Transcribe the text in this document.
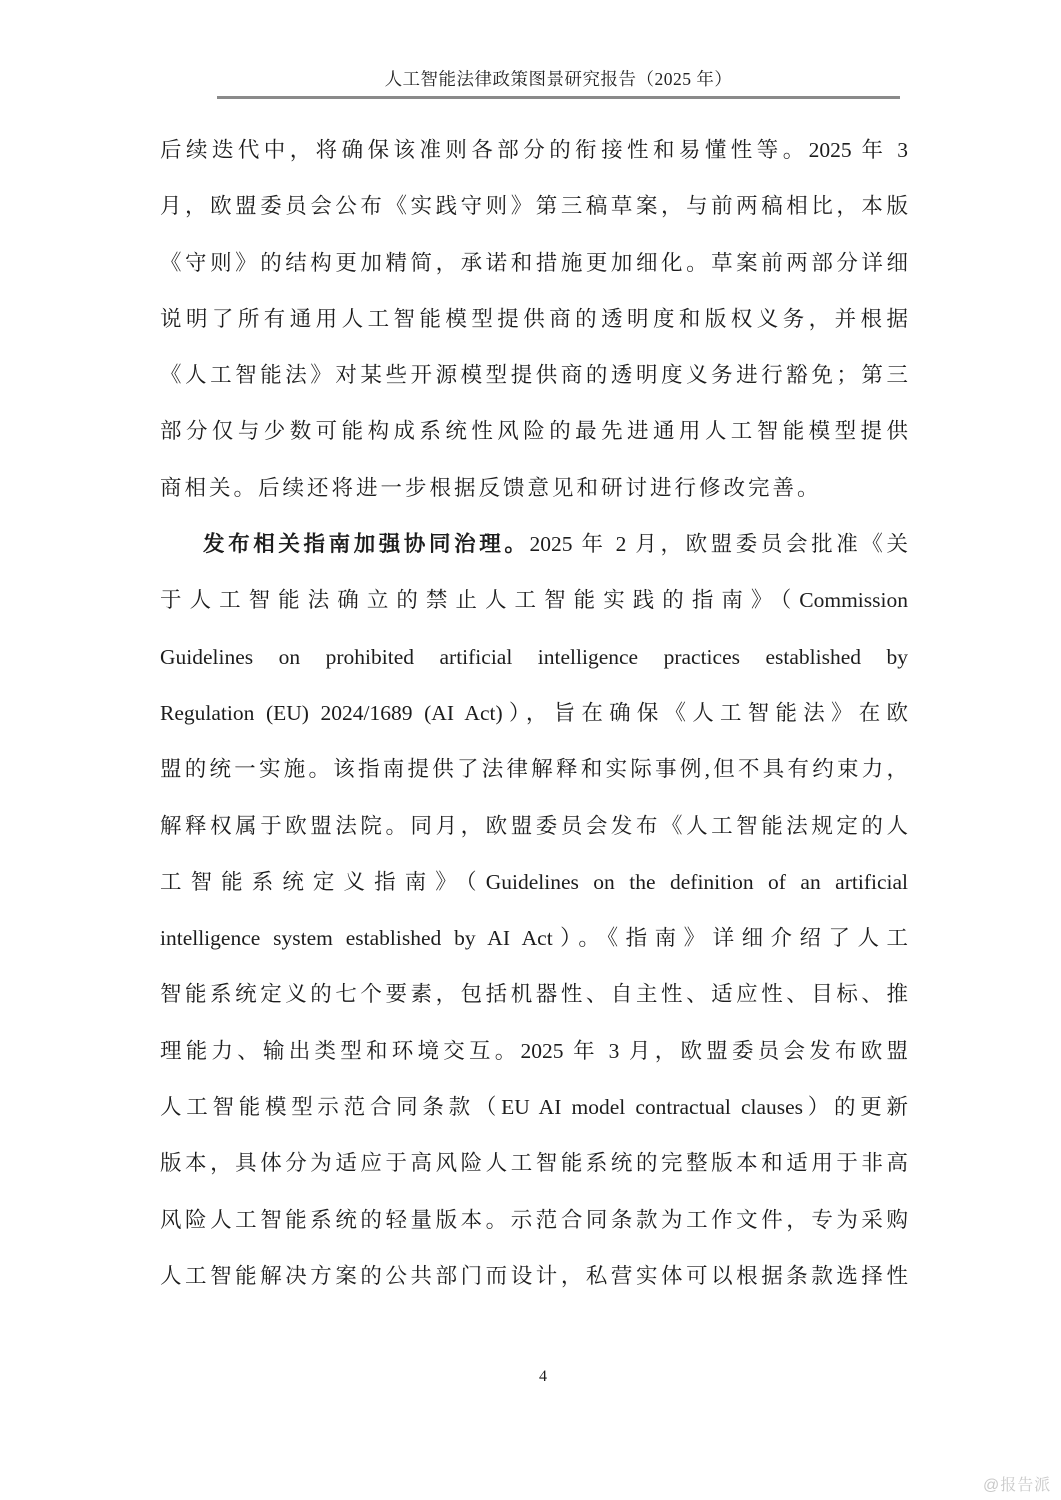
人工智能法律政策图景研究报告（2025 年）
后续迭代中，将确保该准则各部分的衔接性和易懂性等。2025 年 3
月，欧盟委员会公布《实践守则》第三稿草案，与前两稿相比，本版
《守则》的结构更加精简，承诺和措施更加细化。草案前两部分详细
说明了所有通用人工智能模型提供商的透明度和版权义务，并根据
《人工智能法》对某些开源模型提供商的透明度义务进行豁免；第三
部分仅与少数可能构成系统性风险的最先进通用人工智能模型提供
商相关。后续还将进一步根据反馈意见和研讨进行修改完善。
发布相关指南加强协同治理。2025 年 2 月，欧盟委员会批准《关
于人工智能法确立的禁止人工智能实践的指南》（Commission
Guidelines on prohibited artificial intelligence practices established by
Regulation (EU) 2024/1689 (AI Act)），旨在确保《人工智能法》在欧
盟的统一实施。该指南提供了法律解释和实际事例,但不具有约束力，
解释权属于欧盟法院。同月，欧盟委员会发布《人工智能法规定的人
工智能系统定义指南》（Guidelines on the definition of an artificial
intelligence system established by AI Act）。《指南》详细介绍了人工
智能系统定义的七个要素，包括机器性、自主性、适应性、目标、推
理能力、输出类型和环境交互。2025 年 3 月，欧盟委员会发布欧盟
人工智能模型示范合同条款（EU AI model contractual clauses）的更新
版本，具体分为适应于高风险人工智能系统的完整版本和适用于非高
风险人工智能系统的轻量版本。示范合同条款为工作文件，专为采购
人工智能解决方案的公共部门而设计，私营实体可以根据条款选择性
4
@报告派
